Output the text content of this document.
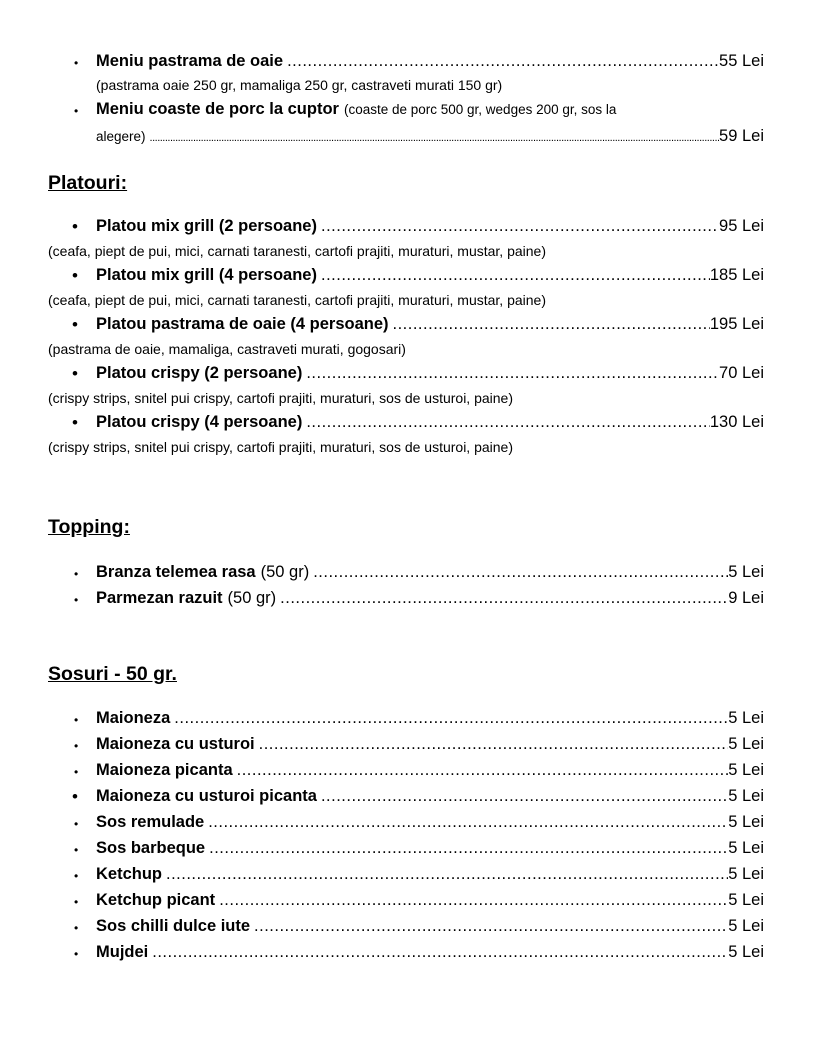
• Meniu pastrama de oaie .....	55 Lei
(pastrama oaie 250 gr, mamaliga 250 gr, castraveti murati 150 gr)
• Meniu coaste de porc la cuptor (coaste de porc 500 gr, wedges 200 gr, sos la
alegere) .....	59 Lei
Platouri:
• Platou mix grill (2 persoane) .....	95 Lei
(ceafa, piept de pui, mici, carnati taranesti, cartofi prajiti, muraturi, mustar, paine)
• Platou mix grill (4 persoane) .....	185 Lei
(ceafa, piept de pui, mici, carnati taranesti, cartofi prajiti, muraturi, mustar, paine)
• Platou pastrama de oaie (4 persoane) .....	195 Lei
(pastrama de oaie, mamaliga, castraveti murati, gogosari)
• Platou crispy (2 persoane) .....	70 Lei
(crispy strips, snitel pui crispy, cartofi prajiti, muraturi, sos de usturoi, paine)
• Platou crispy (4 persoane) .....	130 Lei
(crispy strips, snitel pui crispy, cartofi prajiti, muraturi, sos de usturoi, paine)
Topping:
• Branza telemea rasa (50 gr) .....	5 Lei
• Parmezan razuit (50 gr) .....	9 Lei
Sosuri - 50 gr.
• Maioneza .....	5 Lei
• Maioneza cu usturoi .....	5 Lei
• Maioneza picanta .....	5 Lei
• Maioneza cu usturoi picanta .....	5 Lei
• Sos remulade .....	5 Lei
• Sos barbeque .....	5 Lei
• Ketchup .....	5 Lei
• Ketchup picant .....	5 Lei
• Sos chilli dulce iute .....	5 Lei
• Mujdei .....	5 Lei
